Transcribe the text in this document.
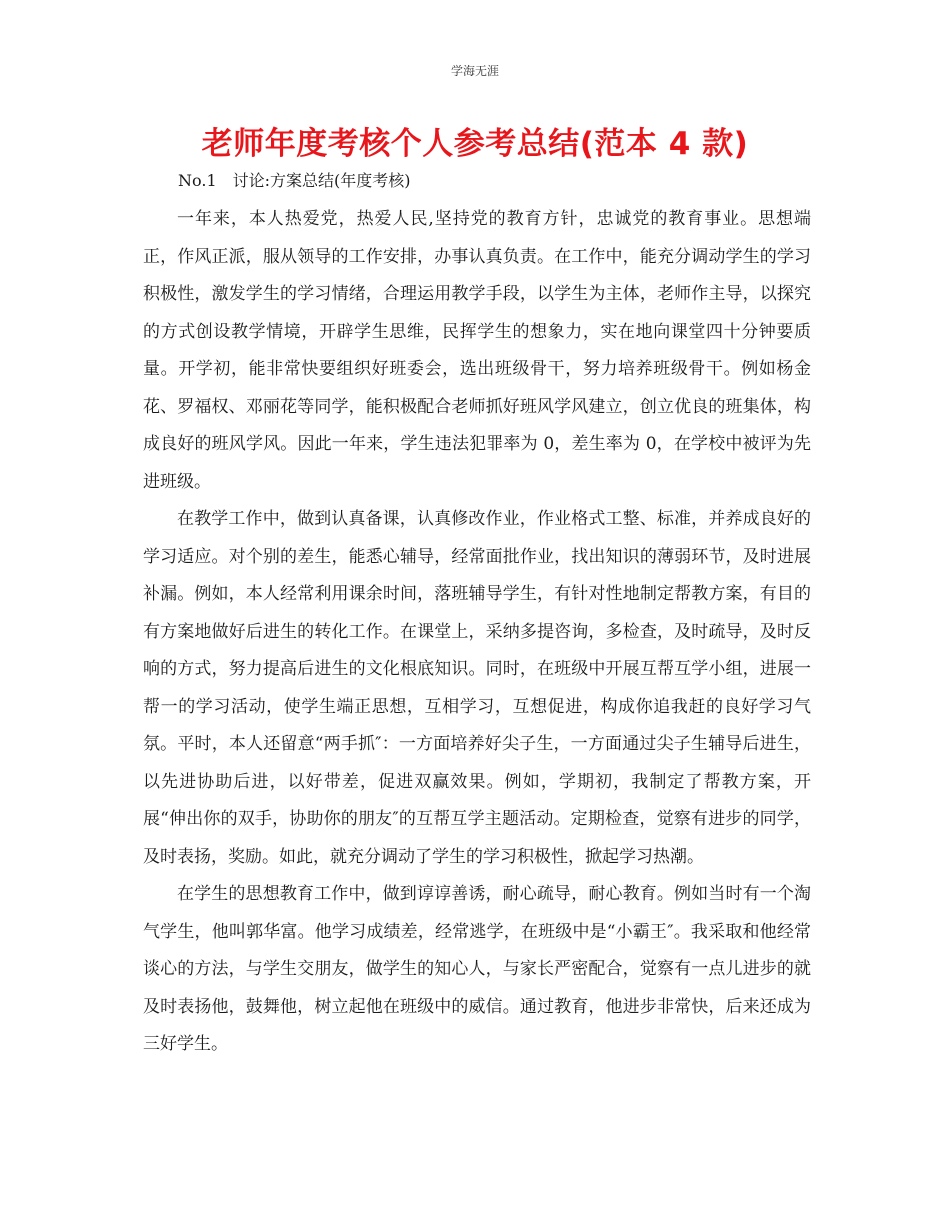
学海无涯
老师年度考核个人参考总结(范本 4 款)

No.1　讨论:方案总结(年度考核)

一年来，本人热爱党，热爱人民,坚持党的教育方针，忠诚党的教育事业。思想端正，作风正派，服从领导的工作安排，办事认真负责。在工作中，能充分调动学生的学习积极性，激发学生的学习情绪，合理运用教学手段，以学生为主体，老师作主导，以探究的方式创设教学情境，开辟学生思维，民挥学生的想象力，实在地向课堂四十分钟要质量。开学初，能非常快要组织好班委会，选出班级骨干，努力培养班级骨干。例如杨金花、罗福权、邓丽花等同学，能积极配合老师抓好班风学风建立，创立优良的班集体，构成良好的班风学风。因此一年来，学生违法犯罪率为 0，差生率为 0，在学校中被评为先进班级。

在教学工作中，做到认真备课，认真修改作业，作业格式工整、标准，并养成良好的学习适应。对个别的差生，能悉心辅导，经常面批作业，找出知识的薄弱环节，及时进展补漏。例如，本人经常利用课余时间，落班辅导学生，有针对性地制定帮教方案，有目的有方案地做好后进生的转化工作。在课堂上，采纳多提咨询，多检查，及时疏导，及时反响的方式，努力提高后进生的文化根底知识。同时，在班级中开展互帮互学小组，进展一帮一的学习活动，使学生端正思想，互相学习，互想促进，构成你追我赶的良好学习气氛。平时，本人还留意“两手抓″：一方面培养好尖子生，一方面通过尖子生辅导后进生，以先进协助后进，以好带差，促进双赢效果。例如，学期初，我制定了帮教方案，开展“伸出你的双手，协助你的朋友″的互帮互学主题活动。定期检查，觉察有进步的同学，及时表扬，奖励。如此，就充分调动了学生的学习积极性，掀起学习热潮。

在学生的思想教育工作中，做到谆谆善诱，耐心疏导，耐心教育。例如当时有一个淘气学生，他叫郭华富。他学习成绩差，经常逃学，在班级中是“小霸王″。我采取和他经常谈心的方法，与学生交朋友，做学生的知心人，与家长严密配合，觉察有一点儿进步的就及时表扬他，鼓舞他，树立起他在班级中的威信。通过教育，他进步非常快，后来还成为三好学生。
